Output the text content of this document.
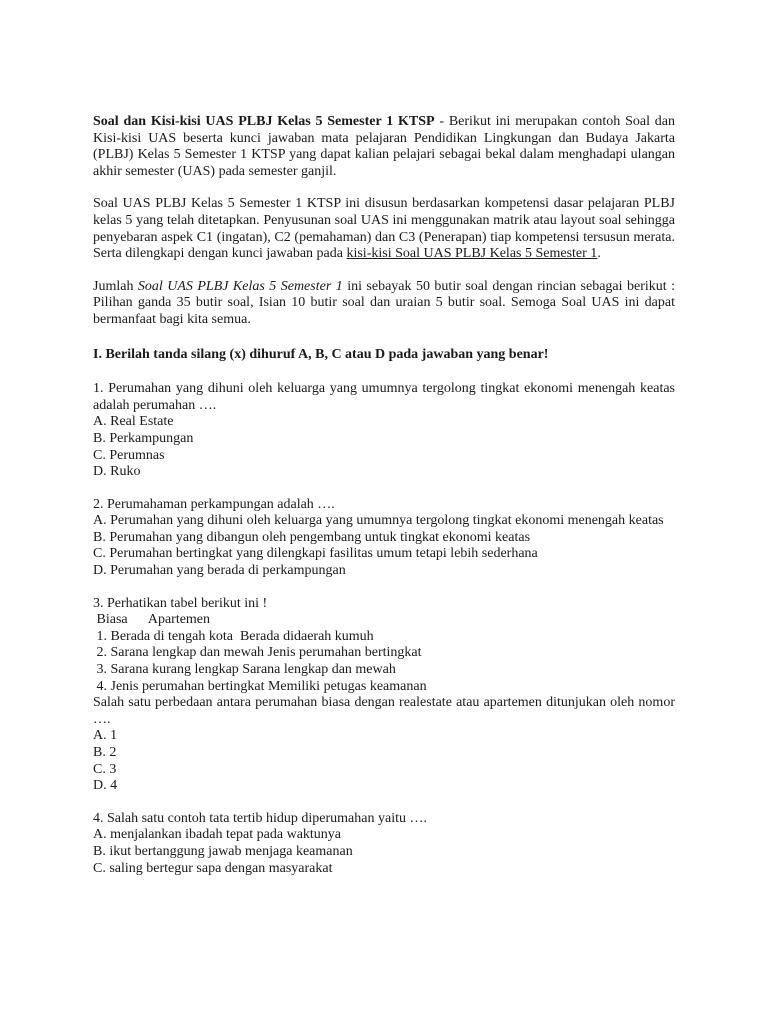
Soal dan Kisi-kisi UAS PLBJ Kelas 5 Semester 1 KTSP - Berikut ini merupakan contoh Soal dan Kisi-kisi UAS beserta kunci jawaban mata pelajaran Pendidikan Lingkungan dan Budaya Jakarta (PLBJ) Kelas 5 Semester 1 KTSP yang dapat kalian pelajari sebagai bekal dalam menghadapi ulangan akhir semester (UAS) pada semester ganjil.

Soal UAS PLBJ Kelas 5 Semester 1 KTSP ini disusun berdasarkan kompetensi dasar pelajaran PLBJ kelas 5 yang telah ditetapkan. Penyusunan soal UAS ini menggunakan matrik atau layout soal sehingga penyebaran aspek C1 (ingatan), C2 (pemahaman) dan C3 (Penerapan) tiap kompetensi tersusun merata. Serta dilengkapi dengan kunci jawaban pada kisi-kisi Soal UAS PLBJ Kelas 5 Semester 1.

Jumlah Soal UAS PLBJ Kelas 5 Semester 1 ini sebayak 50 butir soal dengan rincian sebagai berikut : Pilihan ganda 35 butir soal, Isian 10 butir soal dan uraian 5 butir soal. Semoga Soal UAS ini dapat bermanfaat bagi kita semua.

I. Berilah tanda silang (x) dihuruf A, B, C atau D pada jawaban yang benar!

1. Perumahan yang dihuni oleh keluarga yang umumnya tergolong tingkat ekonomi menengah keatas adalah perumahan ….

A. Real Estate

B. Perkampungan

C. Perumnas

D. Ruko

2. Perumahaman perkampungan adalah ….

A. Perumahan yang dihuni oleh keluarga yang umumnya tergolong tingkat ekonomi menengah keatas

B. Perumahan yang dibangun oleh pengembang untuk tingkat ekonomi keatas

C. Perumahan bertingkat yang dilengkapi fasilitas umum tetapi lebih sederhana

D. Perumahan yang berada di perkampungan

3. Perhatikan tabel berikut ini !

Biasa      Apartemen

1. Berada di tengah kota  Berada didaerah kumuh

2. Sarana lengkap dan mewah Jenis perumahan bertingkat

3. Sarana kurang lengkap Sarana lengkap dan mewah

4. Jenis perumahan bertingkat Memiliki petugas keamanan

Salah satu perbedaan antara perumahan biasa dengan realestate atau apartemen ditunjukan oleh nomor ….

A. 1

B. 2

C. 3

D. 4

4. Salah satu contoh tata tertib hidup diperumahan yaitu ….

A. menjalankan ibadah tepat pada waktunya

B. ikut bertanggung jawab menjaga keamanan

C. saling bertegur sapa dengan masyarakat
